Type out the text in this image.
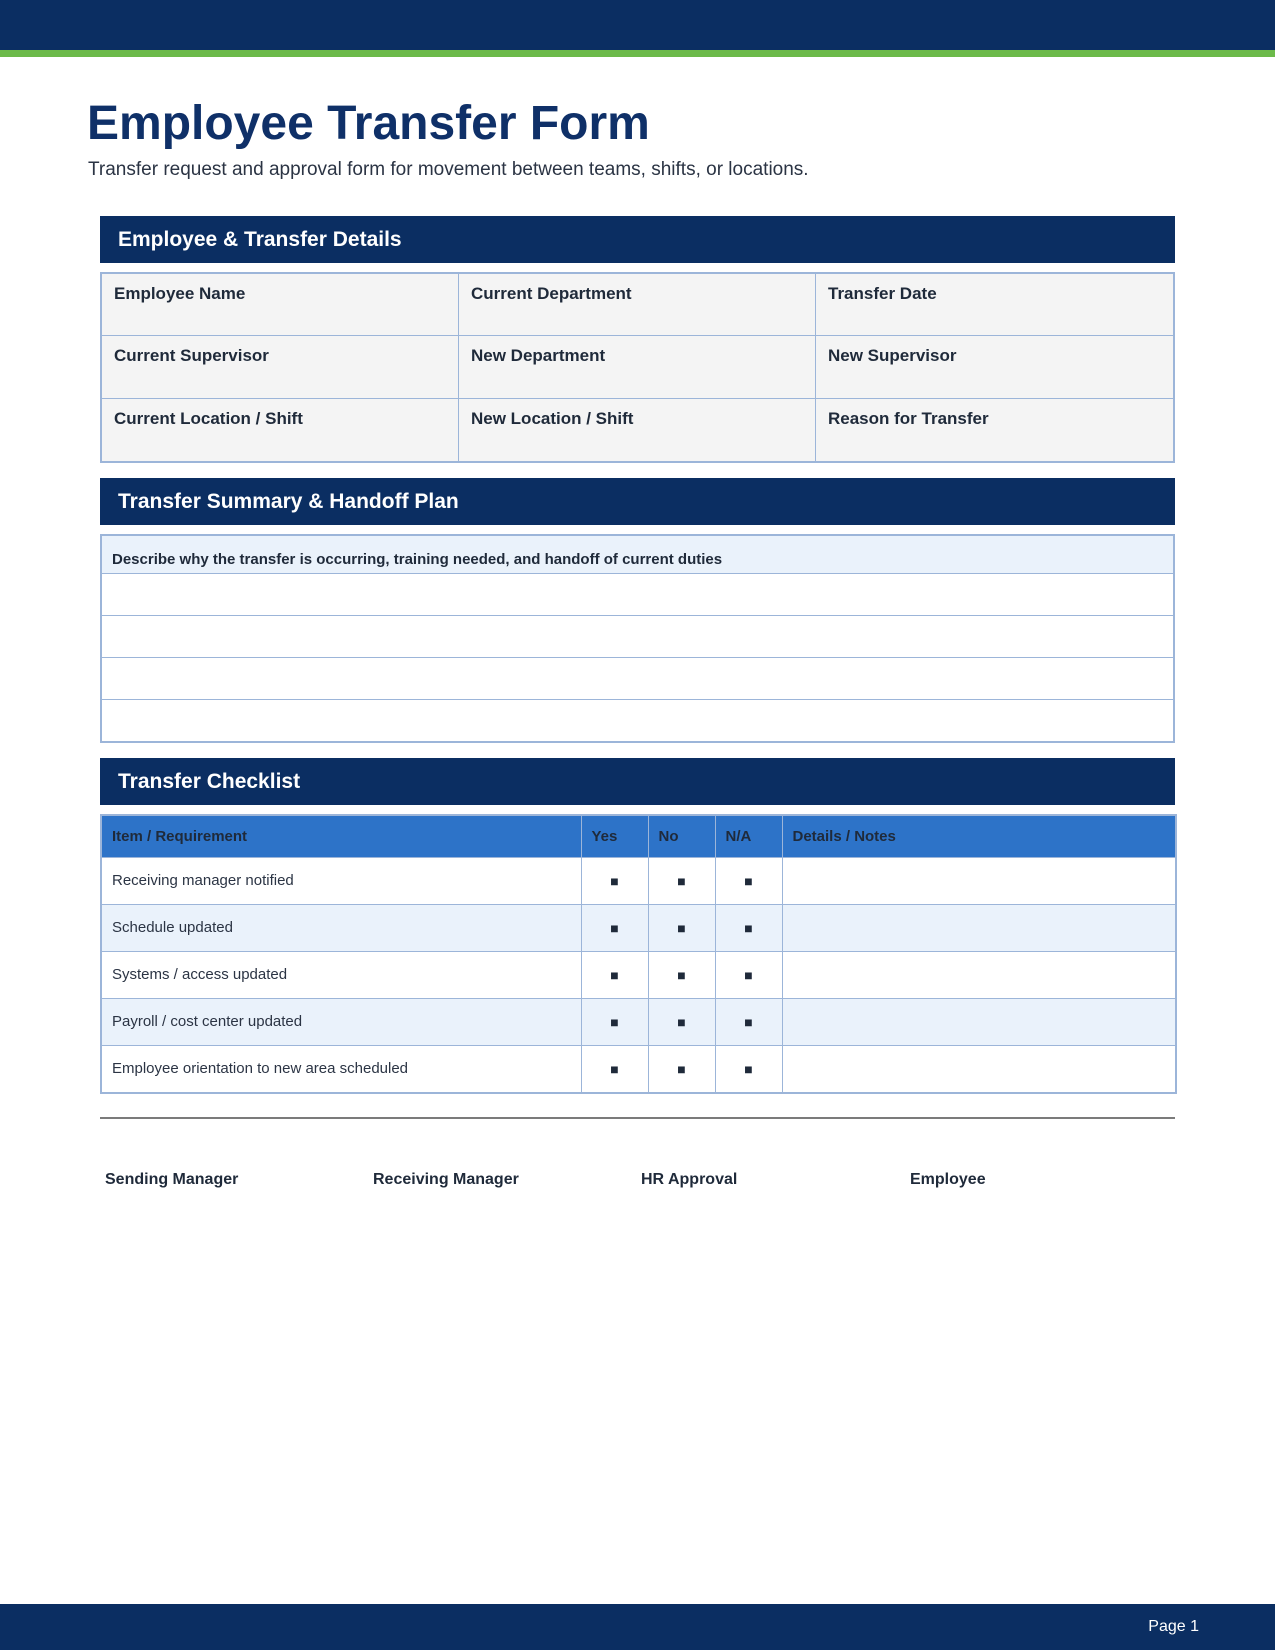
Employee Transfer Form
Transfer request and approval form for movement between teams, shifts, or locations.
Employee & Transfer Details
Employee Name	Current Department	Transfer Date
Current Supervisor	New Department	New Supervisor
Current Location / Shift	New Location / Shift	Reason for Transfer
Transfer Summary & Handoff Plan
Describe why the transfer is occurring, training needed, and handoff of current duties
Transfer Checklist
Item / Requirement	Yes	No	N/A	Details / Notes
Receiving manager notified	■	■	■	
Schedule updated	■	■	■	
Systems / access updated	■	■	■	
Payroll / cost center updated	■	■	■	
Employee orientation to new area scheduled	■	■	■	
Sending Manager	Receiving Manager	HR Approval	Employee
Page 1
